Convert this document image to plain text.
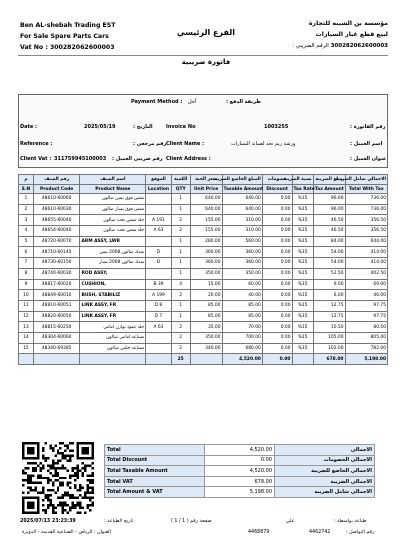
Ben AL-shebah Trading EST
For Sale Spare Parts Cars
Vat No : 300282062600003
الفرع الرئيسي
مؤسسة بن الشيبه للتجارة
لبيع قطع غيار السيارات
300282062600003 الرقم الضريبي :
فاتورة ضريبية
Payment Method : آجل	طريقة الدفع :
Date :	2025/05/19	التاريخ :	Invoice No	1003255	رقم الفاتورة :
Reference :	رقم مرجعي : Client Name :	ورشة ريم نجد لصيانة السيارات	اسم العميل :
Client Vat : 311759945100003 رقم ضريبي العميل : Client Address :	عنوان العميل :
م	رقم الصنف	اسم الصنف	الموقع	الكمية	سعر الحبة	المبلغ الخاضع للضريبة	خصومات	نسبة الضريبة	مبلغ الضريبة	الاجمالي شامل الضريبة
S.N	Product Code	Product Name	Location	QTY	Unit Price	Taxable Amount	Discount	Tax Rate	Tax Amount	Total With Tax
1	48610-60060	مقص فوق يمين صالون		1	640.00	640.00	0.00	%15	96.00	736.00
2	48610-60030	مقص فوق يسار صالون		1	640.00	640.00	0.00	%15	96.00	736.00
3	48655-60040	جلد مقص تحت صالون	A 191	2	155.00	310.00	0.00	%15	46.50	356.50
4	48654-60040	جلد مقص تحت صالون	A 63	2	155.00	310.00	0.00	%15	46.50	356.50
5	48720-60070	ARM ASSY, LWR		1	280.00	560.00	0.00	%15	84.00	644.00
6	48710-60140	شداد صالون 2008 يمين	D	1	360.00	360.00	0.00	%15	54.00	414.00
7	48730-60150	شداد صالون 2008 يسار	D	1	360.00	360.00	0.00	%15	54.00	414.00
8	48740-60030	ROD ASSY,		1	350.00	350.00	0.00	%15	52.50	402.50
9	48817-60020	CUSHION,	B 39	4	15.00	60.00	0.00	%15	9.00	69.00
10	48849-60010	BUSH, STABILIZ	A 199	2	20.00	40.00	0.00	%15	6.00	46.00
11	48810-60051	LINK ASSY, FR	D 8	1	85.00	85.00	0.00	%15	12.75	97.75
12	48820-60050	LINK ASSY, FR	D 7	1	85.00	85.00	0.00	%15	12.75	97.75
13	48815-60250	جلد عمود توازن امامي	A 63	2	35.00	70.00	0.00	%15	10.50	80.50
14	48304-60060	مساعد امامي صالون		2	350.00	700.00	0.00	%15	105.00	805.00
15	48340-69385	مساعد خلفي صالون		2	340.00	680.00	0.00	%15	102.00	782.00
				25		4,520.00	0.00		678.00	5,198.00
Total	4,520.00	الاجمالي
Total Discount	0.00	الاجمالي الخصومات
Total Taxable Amount	4,520.00	الاجمالي الخاضع للضريبة
Total VAT	678.00	الاجمالي الضريبة
Total Amount & VAT	5,198.00	الاجمالي شامل الضريبة
طباعة بواسطة :
علي
2025/07/13 23:23:39	تاريخ الطباعة :	صفحة رقم ( 1 / 1 )
العنوان : الرياض - الصناعية القديمة - الدويرة	4468879	4462742	رقم التواصل :
